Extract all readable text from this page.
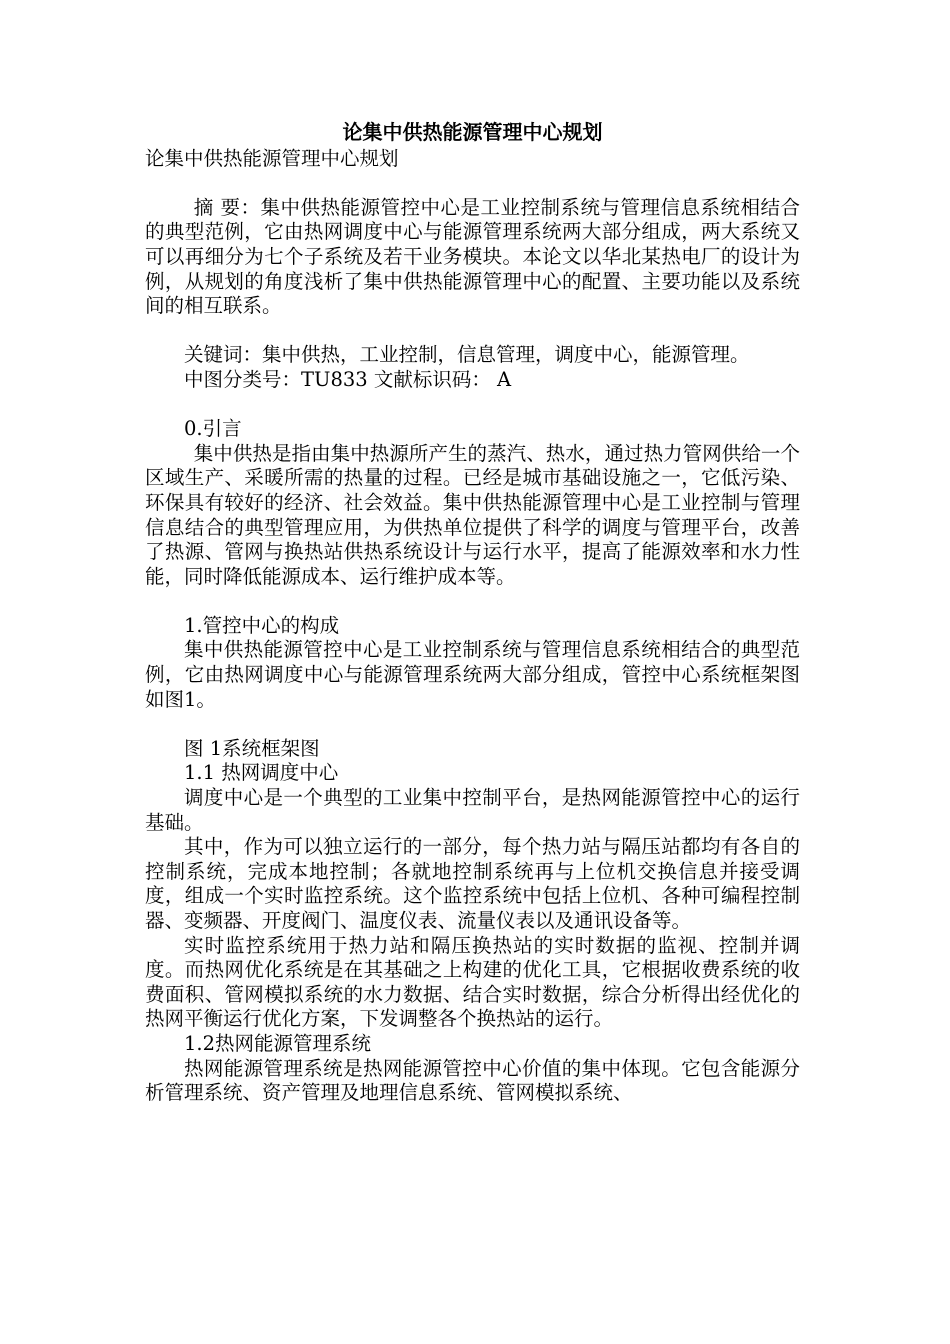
论集中供热能源管理中心规划

论集中供热能源管理中心规划

摘 要：集中供热能源管控中心是工业控制系统与管理信息系统相结合的典型范例，它由热网调度中心与能源管理系统两大部分组成，两大系统又可以再细分为七个子系统及若干业务模块。本论文以华北某热电厂的设计为例，从规划的角度浅析了集中供热能源管理中心的配置、主要功能以及系统间的相互联系。

关键词：集中供热，工业控制，信息管理，调度中心，能源管理。

中图分类号：TU833 文献标识码： A

0.引言

集中供热是指由集中热源所产生的蒸汽、热水，通过热力管网供给一个区域生产、采暖所需的热量的过程。已经是城市基础设施之一，它低污染、环保具有较好的经济、社会效益。集中供热能源管理中心是工业控制与管理信息结合的典型管理应用，为供热单位提供了科学的调度与管理平台，改善了热源、管网与换热站供热系统设计与运行水平，提高了能源效率和水力性能，同时降低能源成本、运行维护成本等。

1.管控中心的构成

集中供热能源管控中心是工业控制系统与管理信息系统相结合的典型范例，它由热网调度中心与能源管理系统两大部分组成，管控中心系统框架图如图1。

图 1系统框架图

1.1 热网调度中心

调度中心是一个典型的工业集中控制平台，是热网能源管控中心的运行基础。

其中，作为可以独立运行的一部分，每个热力站与隔压站都均有各自的控制系统，完成本地控制；各就地控制系统再与上位机交换信息并接受调度，组成一个实时监控系统。这个监控系统中包括上位机、各种可编程控制器、变频器、开度阀门、温度仪表、流量仪表以及通讯设备等。

实时监控系统用于热力站和隔压换热站的实时数据的监视、控制并调度。而热网优化系统是在其基础之上构建的优化工具，它根据收费系统的收费面积、管网模拟系统的水力数据、结合实时数据，综合分析得出经优化的热网平衡运行优化方案，下发调整各个换热站的运行。

1.2热网能源管理系统

热网能源管理系统是热网能源管控中心价值的集中体现。它包含能源分析管理系统、资产管理及地理信息系统、管网模拟系统、
